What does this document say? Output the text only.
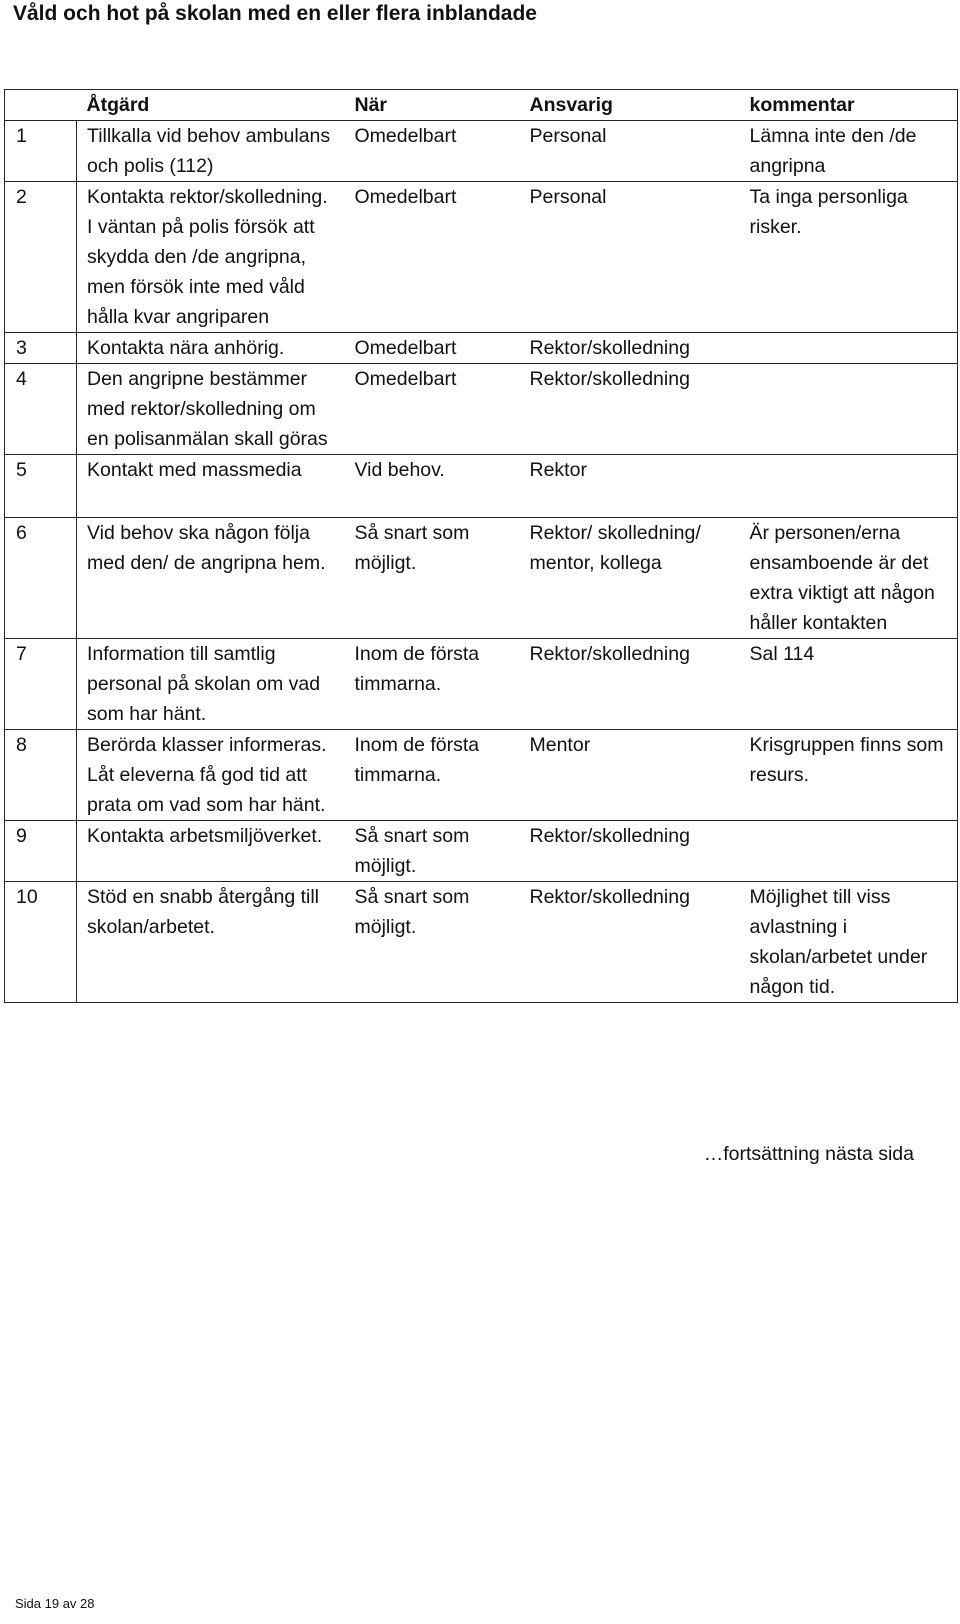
Våld och hot på skolan med en eller flera inblandade
	Åtgärd	När	Ansvarig	kommentar
1	Tillkalla vid behov ambulans och polis (112)	Omedelbart	Personal	Lämna inte den /de angripna
2	Kontakta rektor/skolledning. I väntan på polis försök att skydda den /de angripna, men försök inte med våld hålla kvar angriparen	Omedelbart	Personal	Ta inga personliga risker.
3	Kontakta nära anhörig.	Omedelbart	Rektor/skolledning	
4	Den angripne bestämmer med rektor/skolledning om en polisanmälan skall göras	Omedelbart	Rektor/skolledning	
5	Kontakt med massmedia	Vid behov.	Rektor	

6	Vid behov ska någon följa med den/ de angripna hem.	Så snart som möjligt.	Rektor/ skolledning/ mentor, kollega	Är personen/erna ensamboende är det extra viktigt att någon håller kontakten
7	Information till samtlig personal på skolan om vad som har hänt.	Inom de första timmarna.	Rektor/skolledning	Sal 114
8	Berörda klasser informeras. Låt eleverna få god tid att prata om vad som har hänt.	Inom de första timmarna.	Mentor	Krisgruppen finns som resurs.
9	Kontakta arbetsmiljöverket.	Så snart som möjligt.	Rektor/skolledning	
10	Stöd en snabb återgång till skolan/arbetet.	Så snart som möjligt.	Rektor/skolledning	Möjlighet till viss avlastning i skolan/arbetet under någon tid.
…fortsättning nästa sida
Sida 19 av 28
